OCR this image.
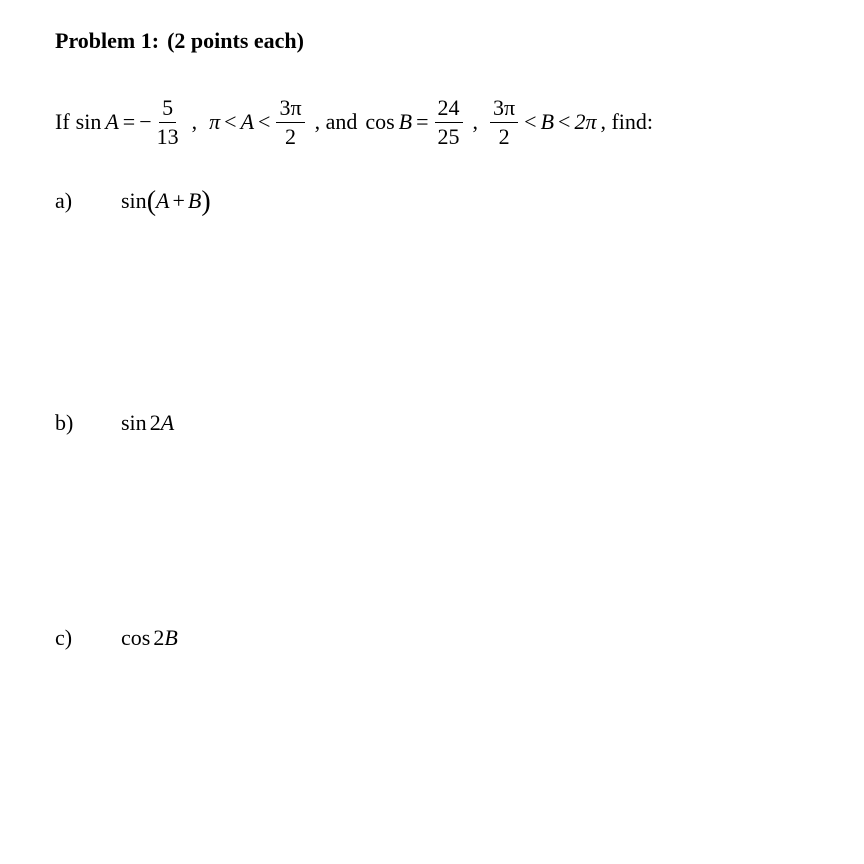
Problem 1: (2 points each)
If sin A = − $\frac{5}{13}$ , $\pi < A < \frac{3\pi}{2}$ , and $\cos B = \frac{24}{25}$ , $\frac{3\pi}{2} < B < 2\pi$ , find:
a) sin(A + B)
b) sin 2A
c) cos 2B
